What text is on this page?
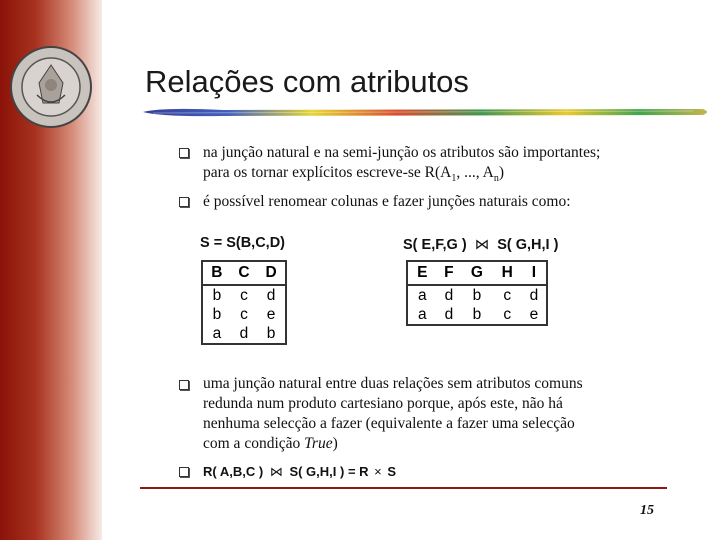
Relações com atributos
na junção natural e na semi-junção os atributos são importantes;
para os tornar explícitos escreve-se $R(A_1$, ..., $A_n$)
é possível renomear colunas e fazer junções naturais como:
S = S(B,C,D)
B	C	D
b	c	d
b	c	e
a	d	b
S( E,F,G ) ⋈ S( G,H,I )
E	F	G	H	I
a	d	b	c	d
a	d	b	c	e
uma junção natural entre duas relações sem atributos comuns
redunda num produto cartesiano porque, após este, não há
nenhuma selecção a fazer (equivalente a fazer uma selecção
com a condição True)
R( A,B,C ) ⋈ S( G,H,I ) = R × S
15
